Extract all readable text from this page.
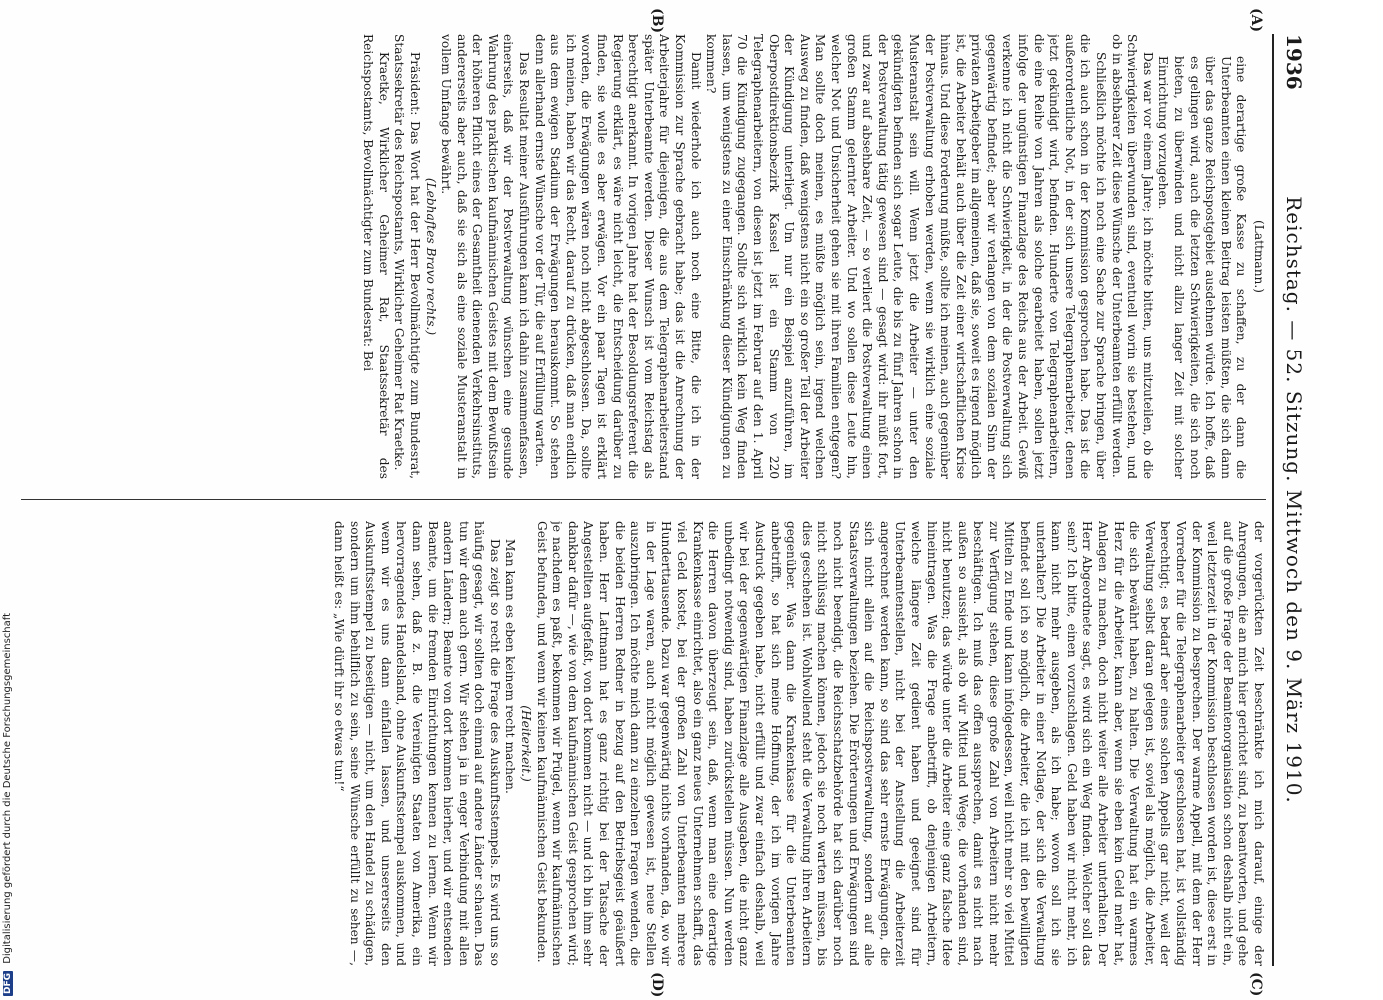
1936
Reichstag. — 52. Sitzung. Mittwoch den 9. März 1910.
(A)
(B)
(C)
(D)
(Lattmann.)

eine derartige große Kasse zu schaffen, zu der dann die Unterbeamten einen kleinen Beitrag leisten müßten, die sich dann über das ganze Reichspostgebiet ausdehnen würde. Ich hoffe, daß es gelingen wird, auch die letzten Schwierigkeiten, die sich noch bieten, zu überwinden und nicht allzu langer Zeit mit solcher Einrichtung vorzugehen.

Das war vor einem Jahre; ich möchte bitten, uns mitzuteilen, ob die Schwierigkeiten überwunden sind, eventuell worin sie bestehen, und ob in absehbarer Zeit diese Wünsche der Unterbeamten erfüllt werden.

Schließlich möchte ich noch eine Sache zur Sprache bringen, über die ich auch schon in der Kommission gesprochen habe. Das ist die außerordentliche Not, in der sich unsere Telegraphenarbeiter, denen jetzt gekündigt wird, befinden. Hunderte von Telegraphenarbeitern, die eine Reihe von Jahren als solche gearbeitet haben, sollen jetzt infolge der ungünstigen Finanzlage des Reichs aus der Arbeit. Gewiß verkenne ich nicht die Schwierigkeit, in der die Postverwaltung sich gegenwärtig befindet; aber wir verlangen von dem sozialen Sinn der privaten Arbeitgeber im allgemeinen, daß sie, soweit es irgend möglich ist, die Arbeiter behält auch über die Zeit einer wirtschaftlichen Krise hinaus. Und diese Forderung müßte, sollte ich meinen, auch gegenüber der Postverwaltung erhoben werden, wenn sie wirklich eine soziale Musteranstalt sein will. Wenn jetzt die Arbeiter — unter den gekündigten befinden sich sogar Leute, die bis zu fünf Jahren schon in der Postverwaltung tätig gewesen sind — gesagt wird: ihr müßt fort, und zwar auf absehbare Zeit, — so verliert die Postverwaltung einen großen Stamm gelernter Arbeiter. Und wo sollen diese Leute hin, welcher Not und Unsicherheit gehen sie mit ihren Familien entgegen? Man sollte doch meinen, es müßte möglich sein, irgend welchen Ausweg zu finden, daß wenigstens nicht ein so großer Teil der Arbeiter der Kündigung unterliegt. Um nur ein Beispiel anzuführen, im Oberpostdirektionsbezirk Kassel ist ein Stamm von 220 Telegraphenarbeitern, von diesen ist jetzt im Februar auf den 1. April 70 die Kündigung zugegangen. Sollte sich wirklich kein Weg finden lassen, um wenigstens zu einer Einschränkung dieser Kündigungen zu kommen?

Damit wiederhole ich auch noch eine Bitte, die ich in der Kommission zur Sprache gebracht habe; das ist die Anrechnung der Arbeiterjahre für diejenigen, die aus dem Telegraphenarbeiterstand später Unterbeamte werden. Dieser Wunsch ist vom Reichstag als berechtigt anerkannt. In vorigen Jahre hat der Besoldungsreferent die Regierung erklärt, es wäre nicht leicht, die Entscheidung darüber zu finden, sie wolle es aber erwägen. Vor ein paar Tagen ist erklärt worden, die Erwägungen wären noch nicht abgeschlossen. Da, sollte ich meinen, haben wir das Recht, darauf zu drücken, daß man endlich aus dem ewigen Stadium der Erwägungen herauskommt. So stehen denn allerhand ernste Wünsche vor der Tür, die auf Erfüllung warten.

Das Resultat meiner Ausführungen kann ich dahin zusammenfassen, einerseits, daß wir der Postverwaltung wünschen eine gesunde Wahrung des praktischen kaufmännischen Geistes mit dem Bewußtsein der höheren Pflicht eines der Gesamtheit dienenden Verkehrsinstituts, andererseits aber auch, daß sie sich als eine soziale Musteranstalt in vollem Umfange bewährt.

(Lebhaftes Bravo rechts.)

Präsident: Das Wort hat der Herr Bevollmächtigte zum Bundesrat, Staatssekretär des Reichspostamts, Wirklicher Geheimer Rat Kraetke.

Kraetke, Wirklicher Geheimer Rat, Staatssekretär des Reichspostamts, Bevollmächtigter zum Bundesrat: Bei

der vorgerückten Zeit beschränkte ich mich darauf, einige der Anregungen, die an mich hier gerichtet sind, zu beantworten, und gehe auf die große Frage der Beamtenorganisation schon deshalb nicht ein, weil letzterzeit in der Kommission beschlossen worden ist, diese erst in der Kommission zu besprechen. Der warme Appell, mit dem der Herr Vorredner für die Telegraphenarbeiter geschlossen hat, ist vollständig berechtigt; es bedarf aber eines solchen Appells gar nicht, weil der Verwaltung selbst daran gelegen ist, soviel als möglich, die Arbeiter, die sich bewährt haben, zu halten. Die Verwaltung hat ein warmes Herz für die Arbeiter, kann aber, wenn sie eben kein Geld mehr hat, Anlagen zu machen, doch nicht weiter alle Arbeiter unterhalten. Der Herr Abgeordnete sagt, es wird sich ein Weg finden. Welcher soll das sein? Ich bitte, einen vorzuschlagen. Geld haben wir nicht mehr, ich kann nicht mehr ausgeben, als ich habe; wovon soll ich sie unterhalten? Die Arbeiter in einer Notlage, der sich die Verwaltung befindet soll ich so möglich, die Arbeiter, die ich mit den bewilligten Mitteln zu Ende und kann infolgedessen, weil nicht mehr so viel Mittel zur Verfügung stehen, diese große Zahl von Arbeitern nicht mehr beschäftigen. Ich muß das offen aussprechen, damit es nicht nach außen so aussieht, als ob wir Mittel und Wege, die vorhanden sind, nicht benutzen; das würde unter die Arbeiter eine ganz falsche Idee hineintragen. Was die Frage anbetrifft, ob denjenigen Arbeitern, welche längere Zeit gedient haben und geeignet sind für Unterbeamtenstellen, nicht bei der Anstellung die Arbeiterzeit angerechnet werden kann, so sind das sehr ernste Erwägungen, die sich nicht allein auf die Reichspostverwaltung, sondern auf alle Staatsverwaltungen beziehen. Die Erörterungen und Erwägungen sind noch nicht beendigt, die Reichsschatzbehörde hat sich darüber noch nicht schlüssig machen können, jedoch sie noch warten müssen, bis dies geschehen ist. Wohlwollend steht die Verwaltung ihren Arbeitern gegenüber. Was dann die Krankenkasse für die Unterbeamten anbetrifft, so hat sich meine Hoffnung, der ich im vorigen Jahre Ausdruck gegeben habe, nicht erfüllt und zwar einfach deshalb, weil wir bei der gegenwärtigen Finanzlage alle Ausgaben, die nicht ganz unbedingt notwendig sind, haben zurückstellen müssen. Nun werden die Herren davon überzeugt sein, daß, wenn man eine derartige Krankenkasse einrichtet, also ein ganz neues Unternehmen schafft, das viel Geld kostet, bei der großen Zahl von Unterbeamten mehrere Hunderttausende. Dazu war gegenwärtig nichts vorhanden, da, wo wir in der Lage waren, auch nicht möglich gewesen ist, neue Stellen auszubringen. Ich möchte mich dann zu einzelnen Fragen wenden, die die beiden Herren Redner in bezug auf den Betriebsgeist geäußert haben. Herr Lattmann hat es ganz richtig bei der Tatsache der Angestellten aufgefaßt, von dort kommen nicht — und ich bin ihm sehr dankbar dafür —, wie von dem kaufmännischen Geist gesprochen wird; je nachdem es paßt, bekommen wir Prügel, wenn wir kaufmännischen Geist befunden, und wenn wir keinen kaufmännischen Geist bekunden.

(Heiterkeit.)

Man kann es eben keinem recht machen.

Das zeigt so recht die Frage des Auskunftsstempels. Es wird uns so häufig gesagt, wir sollten doch einmal auf andere Länder schauen. Das tun wir denn auch gern. Wir stehen ja in enger Verbindung mit allen andern Ländern; Beamte von dort kommen hierher, und wir entsenden Beamte, um die fremden Einrichtungen kennen zu lernen. Wenn wir dann sehen, daß z. B. die Vereinigten Staaten von Amerika, ein hervorragendes Handelsland, ohne Auskunftsstempel auskommen, und wenn wir es uns dann einfallen lassen, und unsererseits den Auskunftsstempel zu beseitigen — nicht, um den Handel zu schädigen, sondern um ihm behilflich zu sein, seine Wünsche erfüllt zu sehen —, dann heißt es: „Wie dürft ihr so etwas tun!“

DFG Digitalisierung gefördert durch die Deutsche Forschungsgemeinschaft
